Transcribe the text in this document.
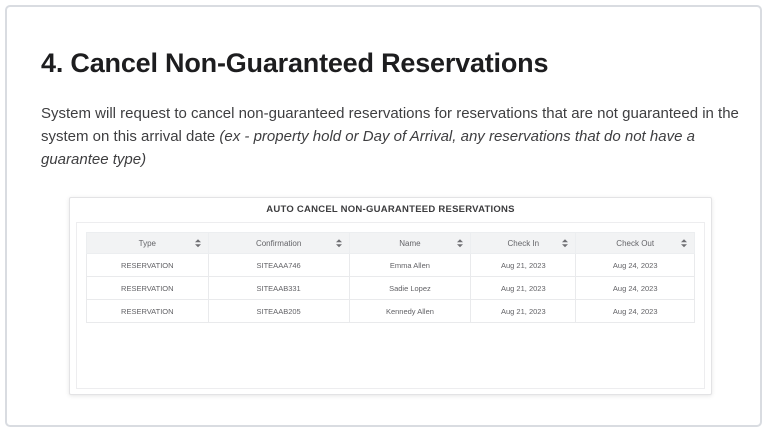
4. Cancel Non-Guaranteed Reservations
System will request to cancel non-guaranteed reservations for reservations that are not guaranteed in the system on this arrival date (ex - property hold or Day of Arrival, any reservations that do not have a guarantee type)
AUTO CANCEL NON-GUARANTEED RESERVATIONS
Type	Confirmation	Name	Check In	Check Out

RESERVATION	SITEAAA746	Emma Allen	Aug 21, 2023	Aug 24, 2023
RESERVATION	SITEAAB331	Sadie Lopez	Aug 21, 2023	Aug 24, 2023
RESERVATION	SITEAAB205	Kennedy Allen	Aug 21, 2023	Aug 24, 2023
